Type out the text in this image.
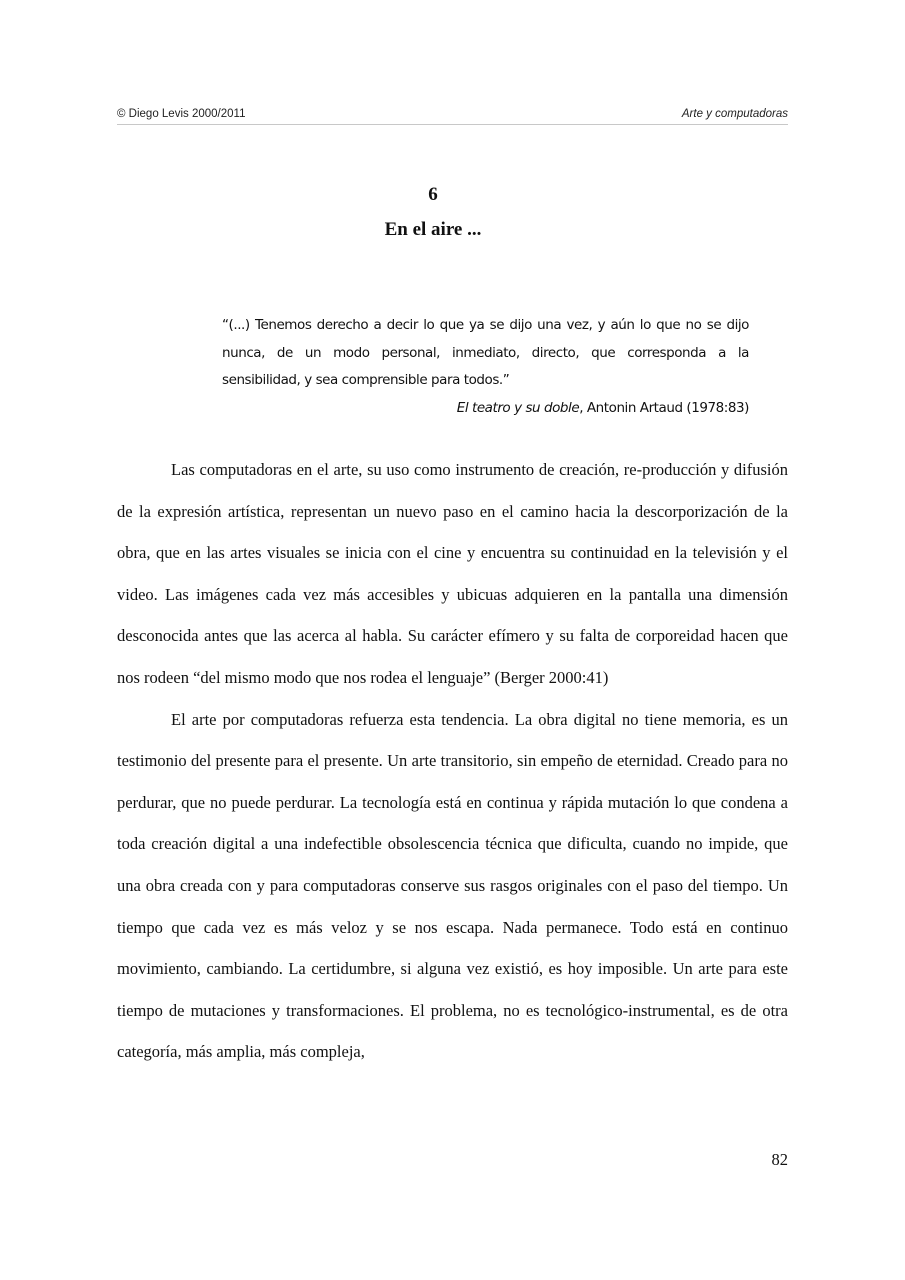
© Diego Levis 2000/2011	Arte y computadoras
6
En el aire ...

“(...) Tenemos derecho a decir lo que ya se dijo una vez, y aún lo que no se dijo nunca, de un modo personal, inmediato, directo, que corresponda a la sensibilidad, y sea comprensible para todos.”

El teatro y su doble, Antonin Artaud (1978:83)

Las computadoras en el arte, su uso como instrumento de creación, re-producción y difusión de la expresión artística, representan un nuevo paso en el camino hacia la descorporización de la obra, que en las artes visuales se inicia con el cine y encuentra su continuidad en la televisión y el video. Las imágenes cada vez más accesibles y ubicuas adquieren en la pantalla una dimensión desconocida antes que las acerca al habla. Su carácter efímero y su falta de corporeidad hacen que nos rodeen “del mismo modo que nos rodea el lenguaje” (Berger 2000:41)

El arte por computadoras refuerza esta tendencia. La obra digital no tiene memoria, es un testimonio del presente para el presente. Un arte transitorio, sin empeño de eternidad. Creado para no perdurar, que no puede perdurar. La tecnología está en continua y rápida mutación lo que condena a toda creación digital a una indefectible obsolescencia técnica que dificulta, cuando no impide, que una obra creada con y para computadoras conserve sus rasgos originales con el paso del tiempo. Un tiempo que cada vez es más veloz y se nos escapa. Nada permanece. Todo está en continuo movimiento, cambiando. La certidumbre, si alguna vez existió, es hoy imposible. Un arte para este tiempo de mutaciones y transformaciones. El problema, no es tecnológico-instrumental, es de otra categoría, más amplia, más compleja,

82
